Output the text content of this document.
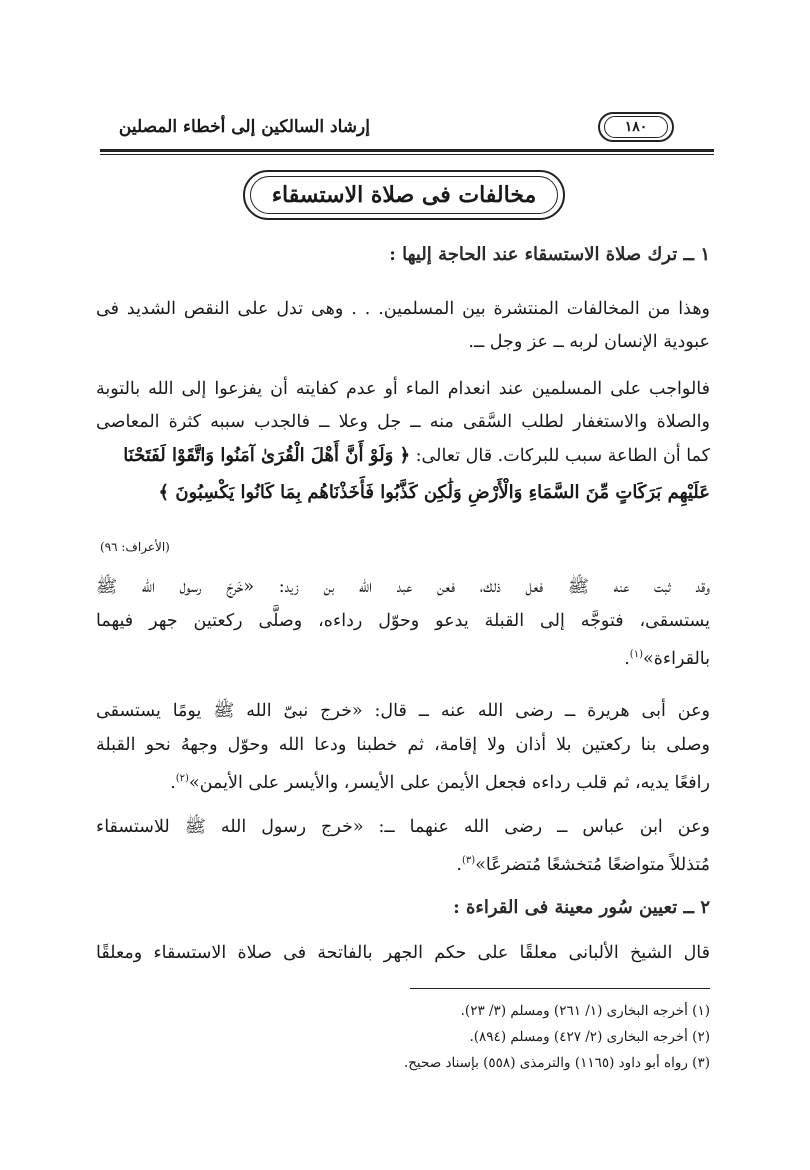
إرشاد السالكين إلى أخطاء المصلين	١٨٠
مخالفات فى صلاة الاستسقاء
١ ــ ترك صلاة الاستسقاء عند الحاجة إليها :
وهذا من المخالفات المنتشرة بين المسلمين. . . وهى تدل على النقص الشديد فى
عبودية الإنسان لربه ــ عز وجل ــ.
فالواجب على المسلمين عند انعدام الماء أو عدم كفايته أن يفزعوا إلى الله بالتوبة
والصلاة والاستغفار لطلب السَّقى منه ــ جل وعلا ــ فالجدب سببه كثرة المعاصى
كما أن الطاعة سبب للبركات. قال تعالى: ﴿ وَلَوْ أَنَّ أَهْلَ الْقُرَىٰ آمَنُوا وَاتَّقَوْا لَفَتَحْنَا
عَلَيْهِم بَرَكَاتٍ مِّنَ السَّمَاءِ وَالْأَرْضِ وَلَٰكِن كَذَّبُوا فَأَخَذْنَاهُم بِمَا كَانُوا يَكْسِبُونَ ﴾
(الأعراف: ٩٦)
وقد ثبت عنه ﷺ فعل ذلك، فعن عبد الله بن زيد: «خَرجَ رسول الله ﷺ
يستسقى، فتوجَّه إلى القبلة يدعو وحوّل رداءه، وصلَّى ركعتين جهر فيهما
بالقراءة»$^{(١)}$.
وعن أبى هريرة ــ رضى الله عنه ــ قال: «خرج نبىّ الله ﷺ يومًا يستسقى
وصلى بنا ركعتين بلا أذان ولا إقامة، ثم خطبنا ودعا الله وحوّل وجههُ نحو القبلة
رافعًا يديه، ثم قلب رداءه فجعل الأيمن على الأيسر، والأيسر على الأيمن»$^{(٢)}$.
وعن ابن عباس ــ رضى الله عنهما ــ: «خرج رسول الله ﷺ للاستسقاء
مُتذللاً متواضعًا مُتخشعًا مُتضرعًا»$^{(٣)}$.
٢ ــ تعيين سُور معينة فى القراءة :
قال الشيخ الألبانى معلقًا على حكم الجهر بالفاتحة فى صلاة الاستسقاء ومعلقًا
(١) أخرجه البخارى (١/ ٢٦١) ومسلم (٣/ ٢٣).
(٢) أخرجه البخارى (٢/ ٤٢٧) ومسلم (٨٩٤).
(٣) رواه أبو داود (١١٦٥) والترمذى (٥٥٨) بإسناد صحيح.
